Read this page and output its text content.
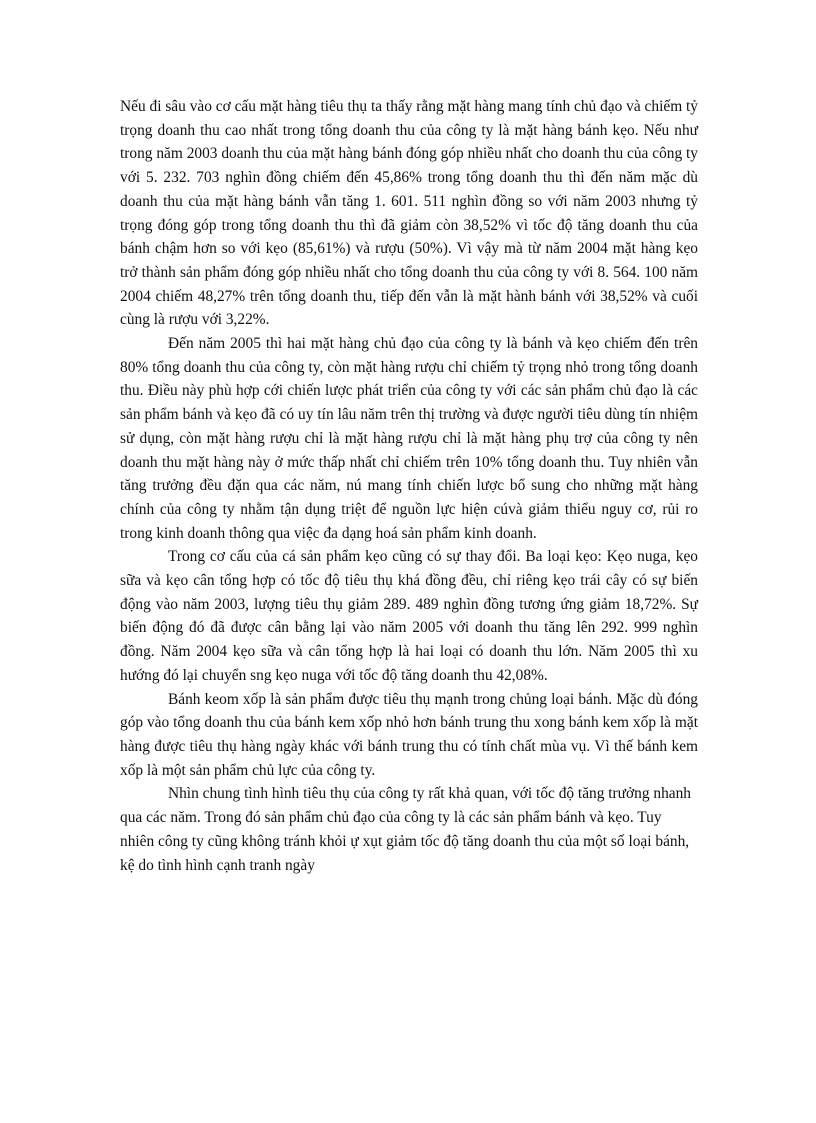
Nếu đi sâu vào cơ cấu mặt hàng tiêu thụ ta thấy rằng mặt hàng mang tính chủ đạo và chiếm tỷ trọng doanh thu cao nhất trong tổng doanh thu của công ty là mặt hàng bánh kẹo. Nếu như trong năm 2003 doanh thu của mặt hàng bánh đóng góp nhiều nhất cho doanh thu của công ty với 5. 232. 703 nghìn đồng chiếm đến 45,86% trong tổng doanh thu thì đến năm mặc dù doanh thu của mặt hàng bánh vẫn tăng 1. 601. 511 nghìn đồng so với năm 2003 nhưng tỷ trọng đóng góp trong tổng doanh thu thì đã giảm còn 38,52% vì tốc độ tăng doanh thu của bánh chậm hơn so với kẹo (85,61%) và rượu (50%). Vì vậy mà từ năm 2004 mặt hàng kẹo trở thành sản phẩm đóng góp nhiều nhất cho tổng doanh thu của công ty với 8. 564. 100 năm 2004 chiếm 48,27% trên tổng doanh thu, tiếp đến vẫn là mặt hành bánh với 38,52% và cuối cùng là rượu với 3,22%.

Đến năm 2005 thì hai mặt hàng chủ đạo của công ty là bánh và kẹo chiếm đến trên 80% tổng doanh thu của công ty, còn mặt hàng rượu chỉ chiếm tỷ trọng nhỏ trong tổng doanh thu. Điều này phù hợp cới chiến lược phát triển của công ty với các sản phẩm chủ đạo là các sản phẩm bánh và kẹo đã có uy tín lâu năm trên thị trường và được người tiêu dùng tín nhiệm sử dụng, còn mặt hàng rượu chỉ là mặt hàng rượu chỉ là mặt hàng phụ trợ của công ty nên doanh thu mặt hàng này ở mức thấp nhất chỉ chiếm trên 10% tổng doanh thu. Tuy nhiên vẫn tăng trưởng đều đặn qua các năm, nú mang tính chiến lược bổ sung cho những mặt hàng chính của công ty nhằm tận dụng triệt để nguồn lực hiện cúvà giảm thiểu nguy cơ, rủi ro trong kinh doanh thông qua việc đa dạng hoá sản phẩm kinh doanh.

Trong cơ cấu của cá sản phẩm kẹo cũng có sự thay đổi. Ba loại kẹo: Kẹo nuga, kẹo sữa và kẹo cân tổng hợp có tốc độ tiêu thụ khá đồng đều, chỉ riêng kẹo trái cây có sự biến động vào năm 2003, lượng tiêu thụ giảm 289. 489 nghìn đồng tương ứng giảm 18,72%. Sự biến động đó đã được cân bằng lại vào năm 2005 với doanh thu tăng lên 292. 999 nghìn đồng. Năm 2004 kẹo sữa và cân tổng hợp là hai loại có doanh thu lớn. Năm 2005 thì xu hướng đó lại chuyển sng kẹo nuga với tốc độ tăng doanh thu 42,08%.

Bánh keom xốp là sản phẩm được tiêu thụ mạnh trong chủng loại bánh. Mặc dù đóng góp vào tổng doanh thu của bánh kem xốp nhỏ hơn bánh trung thu xong bánh kem xốp là mặt hàng được tiêu thụ hàng ngày khác với bánh trung thu có tính chất mùa vụ. Vì thế bánh kem xốp là một sản phẩm chủ lực của công ty.

Nhìn chung tình hình tiêu thụ của công ty rất khả quan, với tốc độ tăng trưởng nhanh qua các năm. Trong đó sản phẩm chủ đạo của công ty là các sản phẩm bánh và kẹo. Tuy nhiên công ty cũng không tránh khỏi ự xụt giảm tốc độ tăng doanh thu của một số loại bánh, kệ do tình hình cạnh tranh ngày
